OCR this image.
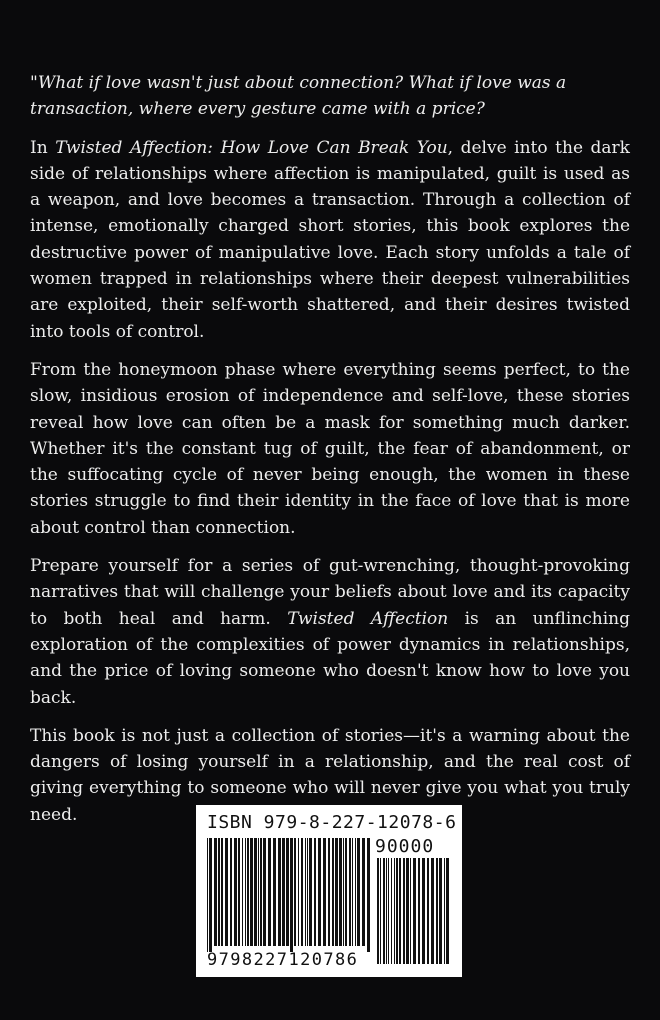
"What if love wasn't just about connection? What if love was a transaction, where every gesture came with a price?

In Twisted Affection: How Love Can Break You, delve into the dark side of relationships where affection is manipulated, guilt is used as a weapon, and love becomes a transaction. Through a collection of intense, emotionally charged short stories, this book explores the destructive power of manipulative love. Each story unfolds a tale of women trapped in relationships where their deepest vulnerabilities are exploited, their self-worth shattered, and their desires twisted into tools of control.

From the honeymoon phase where everything seems perfect, to the slow, insidious erosion of independence and self-love, these stories reveal how love can often be a mask for something much darker. Whether it's the constant tug of guilt, the fear of abandonment, or the suffocating cycle of never being enough, the women in these stories struggle to find their identity in the face of love that is more about control than connection.

Prepare yourself for a series of gut-wrenching, thought-provoking narratives that will challenge your beliefs about love and its capacity to both heal and harm. Twisted Affection is an unflinching exploration of the complexities of power dynamics in relationships, and the price of loving someone who doesn't know how to love you back.

This book is not just a collection of stories—it's a warning about the dangers of losing yourself in a relationship, and the real cost of giving everything to someone who will never give you what you truly need.	ISBN 979-8-227-12078-6
90000
9798227120786
